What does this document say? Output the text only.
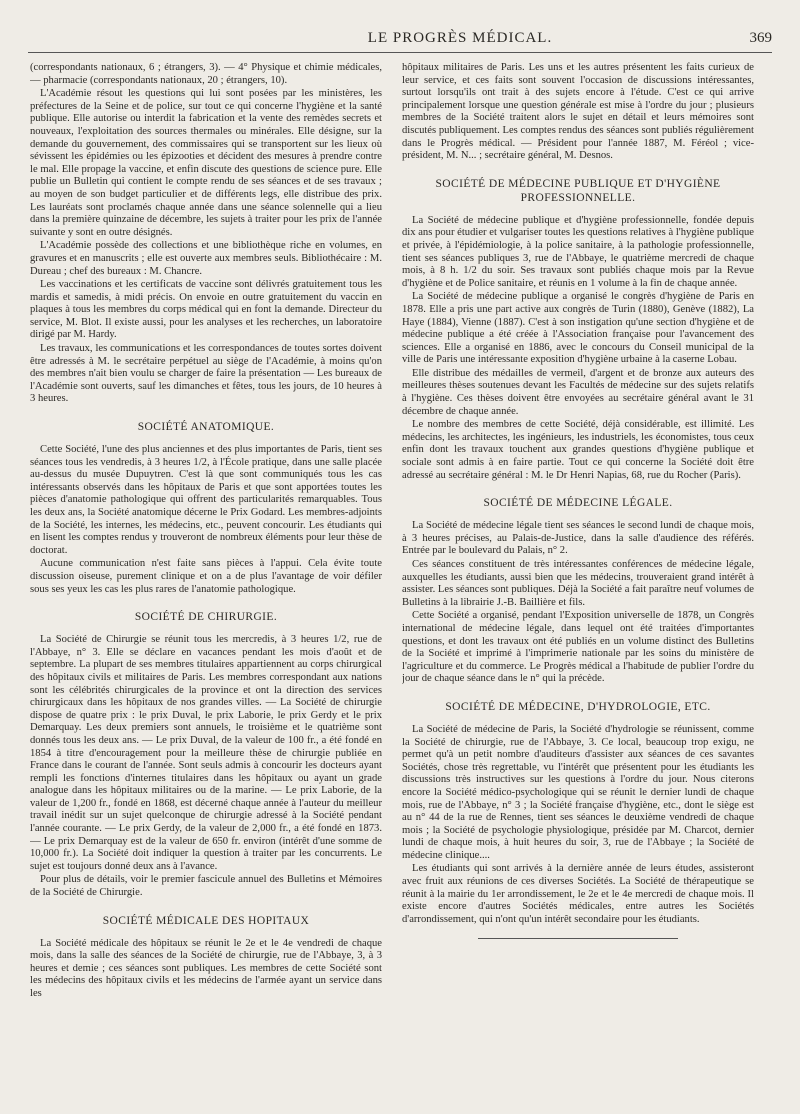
LE PROGRÈS MÉDICAL.	369

(correspondants nationaux, 6 ; étrangers, 3). — 4° Physique et chimie médicales, — pharmacie (correspondants nationaux, 20 ; étrangers, 10).

L'Académie résout les questions qui lui sont posées par les ministères, les préfectures de la Seine et de police, sur tout ce qui concerne l'hygiène et la santé publique. Elle autorise ou interdit la fabrication et la vente des remèdes secrets et nouveaux, l'exploitation des sources thermales ou minérales. Elle désigne, sur la demande du gouvernement, des commissaires qui se transportent sur les lieux où sévissent les épidémies ou les épizooties et décident des mesures à prendre contre le mal. Elle propage la vaccine, et enfin discute des questions de science pure. Elle publie un Bulletin qui contient le compte rendu de ses séances et de ses travaux ; au moyen de son budget particulier et de différents legs, elle distribue des prix. Les lauréats sont proclamés chaque année dans une séance solennelle qui a lieu dans la première quinzaine de décembre, les sujets à traiter pour les prix de l'année suivante y sont en outre désignés.

L'Académie possède des collections et une bibliothèque riche en volumes, en gravures et en manuscrits ; elle est ouverte aux membres seuls. Bibliothécaire : M. Dureau ; chef des bureaux : M. Chancre.

Les vaccinations et les certificats de vaccine sont délivrés gratuitement tous les mardis et samedis, à midi précis. On envoie en outre gratuitement du vaccin en plaques à tous les membres du corps médical qui en font la demande. Directeur du service, M. Blot. Il existe aussi, pour les analyses et les recherches, un laboratoire dirigé par M. Hardy.

Les travaux, les communications et les correspondances de toutes sortes doivent être adressés à M. le secrétaire perpétuel au siège de l'Académie, à moins qu'on des membres n'ait bien voulu se charger de faire la présentation — Les bureaux de l'Académie sont ouverts, sauf les dimanches et fêtes, tous les jours, de 10 heures à 3 heures.

SOCIÉTÉ ANATOMIQUE.

Cette Société, l'une des plus anciennes et des plus importantes de Paris, tient ses séances tous les vendredis, à 3 heures 1/2, à l'École pratique, dans une salle placée au-dessus du musée Dupuytren. C'est là que sont communiqués tous les cas intéressants observés dans les hôpitaux de Paris et que sont apportées toutes les pièces d'anatomie pathologique qui offrent des particularités remarquables. Tous les deux ans, la Société anatomique décerne le Prix Godard. Les membres-adjoints de la Société, les internes, les médecins, etc., peuvent concourir. Les étudiants qui en lisent les comptes rendus y trouveront de nombreux éléments pour leur thèse de doctorat.

Aucune communication n'est faite sans pièces à l'appui. Cela évite toute discussion oiseuse, purement clinique et on a de plus l'avantage de voir défiler sous ses yeux les cas les plus rares de l'anatomie pathologique.

SOCIÉTÉ DE CHIRURGIE.

La Société de Chirurgie se réunit tous les mercredis, à 3 heures 1/2, rue de l'Abbaye, n° 3. Elle se déclare en vacances pendant les mois d'août et de septembre. La plupart de ses membres titulaires appartiennent au corps chirurgical des hôpitaux civils et militaires de Paris. Les membres correspondant aux nations sont les célébrités chirurgicales de la province et ont la direction des services chirurgicaux dans les hôpitaux de nos grandes villes. — La Société de chirurgie dispose de quatre prix : le prix Duval, le prix Laborie, le prix Gerdy et le prix Demarquay. Les deux premiers sont annuels, le troisième et le quatrième sont donnés tous les deux ans. — Le prix Duval, de la valeur de 100 fr., a été fondé en 1854 à titre d'encouragement pour la meilleure thèse de chirurgie publiée en France dans le courant de l'année. Sont seuls admis à concourir les docteurs ayant rempli les fonctions d'internes titulaires dans les hôpitaux ou ayant un grade analogue dans les hôpitaux militaires ou de la marine. — Le prix Laborie, de la valeur de 1,200 fr., fondé en 1868, est décerné chaque année à l'auteur du meilleur travail inédit sur un sujet quelconque de chirurgie adressé à la Société pendant l'année courante. — Le prix Gerdy, de la valeur de 2,000 fr., a été fondé en 1873. — Le prix Demarquay est de la valeur de 650 fr. environ (intérêt d'une somme de 10,000 fr.). La Société doit indiquer la question à traiter par les concurrents. Le sujet est toujours donné deux ans à l'avance.

Pour plus de détails, voir le premier fascicule annuel des Bulletins et Mémoires de la Société de Chirurgie.

SOCIÉTÉ MÉDICALE DES HOPITAUX

La Société médicale des hôpitaux se réunit le 2e et le 4e vendredi de chaque mois, dans la salle des séances de la Société de chirurgie, rue de l'Abbaye, 3, à 3 heures et demie ; ces séances sont publiques. Les membres de cette Société sont les médecins des hôpitaux civils et les médecins de l'armée ayant un service dans les

hôpitaux militaires de Paris. Les uns et les autres présentent les faits curieux de leur service, et ces faits sont souvent l'occasion de discussions intéressantes, surtout lorsqu'ils ont trait à des sujets encore à l'étude. C'est ce qui arrive principalement lorsque une question générale est mise à l'ordre du jour ; plusieurs membres de la Société traitent alors le sujet en détail et leurs mémoires sont discutés publiquement. Les comptes rendus des séances sont publiés régulièrement dans le Progrès médical. — Président pour l'année 1887, M. Féréol ; vice-président, M. N... ; secrétaire général, M. Desnos.

SOCIÉTÉ DE MÉDECINE PUBLIQUE ET D'HYGIÈNE PROFESSIONNELLE.

La Société de médecine publique et d'hygiène professionnelle, fondée depuis dix ans pour étudier et vulgariser toutes les questions relatives à l'hygiène publique et privée, à l'épidémiologie, à la police sanitaire, à la pathologie professionnelle, tient ses séances publiques 3, rue de l'Abbaye, le quatrième mercredi de chaque mois, à 8 h. 1/2 du soir. Ses travaux sont publiés chaque mois par la Revue d'hygiène et de Police sanitaire, et réunis en 1 volume à la fin de chaque année.

La Société de médecine publique a organisé le congrès d'hygiène de Paris en 1878. Elle a pris une part active aux congrès de Turin (1880), Genève (1882), La Haye (1884), Vienne (1887). C'est à son instigation qu'une section d'hygiène et de médecine publique a été créée à l'Association française pour l'avancement des sciences. Elle a organisé en 1886, avec le concours du Conseil municipal de la ville de Paris une intéressante exposition d'hygiène urbaine à la caserne Lobau.

Elle distribue des médailles de vermeil, d'argent et de bronze aux auteurs des meilleures thèses soutenues devant les Facultés de médecine sur des sujets relatifs à l'hygiène. Ces thèses doivent être envoyées au secrétaire général avant le 31 décembre de chaque année.

Le nombre des membres de cette Société, déjà considérable, est illimité. Les médecins, les architectes, les ingénieurs, les industriels, les économistes, tous ceux enfin dont les travaux touchent aux grandes questions d'hygiène publique et sociale sont admis à en faire partie. Tout ce qui concerne la Société doit être adressé au secrétaire général : M. le Dr Henri Napias, 68, rue du Rocher (Paris).

SOCIÉTÉ DE MÉDECINE LÉGALE.

La Société de médecine légale tient ses séances le second lundi de chaque mois, à 3 heures précises, au Palais-de-Justice, dans la salle d'audience des référés. Entrée par le boulevard du Palais, n° 2.

Ces séances constituent de très intéressantes conférences de médecine légale, auxquelles les étudiants, aussi bien que les médecins, trouveraient grand intérêt à assister. Les séances sont publiques. Déjà la Société a fait paraître neuf volumes de Bulletins à la librairie J.-B. Baillière et fils.

Cette Société a organisé, pendant l'Exposition universelle de 1878, un Congrès international de médecine légale, dans lequel ont été traitées d'importantes questions, et dont les travaux ont été publiés en un volume distinct des Bulletins de la Société et imprimé à l'imprimerie nationale par les soins du ministère de l'agriculture et du commerce. Le Progrès médical a l'habitude de publier l'ordre du jour de chaque séance dans le n° qui la précède.

SOCIÉTÉ DE MÉDECINE, D'HYDROLOGIE, ETC.

La Société de médecine de Paris, la Société d'hydrologie se réunissent, comme la Société de chirurgie, rue de l'Abbaye, 3. Ce local, beaucoup trop exigu, ne permet qu'à un petit nombre d'auditeurs d'assister aux séances de ces savantes Sociétés, chose très regrettable, vu l'intérêt que présentent pour les étudiants les discussions très instructives sur les questions à l'ordre du jour. Nous citerons encore la Société médico-psychologique qui se réunit le dernier lundi de chaque mois, rue de l'Abbaye, n° 3 ; la Société française d'hygiène, etc., dont le siège est au n° 44 de la rue de Rennes, tient ses séances le deuxième vendredi de chaque mois ; la Société de psychologie physiologique, présidée par M. Charcot, dernier lundi de chaque mois, à huit heures du soir, 3, rue de l'Abbaye ; la Société de médecine clinique....

Les étudiants qui sont arrivés à la dernière année de leurs études, assisteront avec fruit aux réunions de ces diverses Sociétés. La Société de thérapeutique se réunit à la mairie du 1er arrondissement, le 2e et le 4e mercredi de chaque mois. Il existe encore d'autres Sociétés médicales, entre autres les Sociétés d'arrondissement, qui n'ont qu'un intérêt secondaire pour les étudiants.
